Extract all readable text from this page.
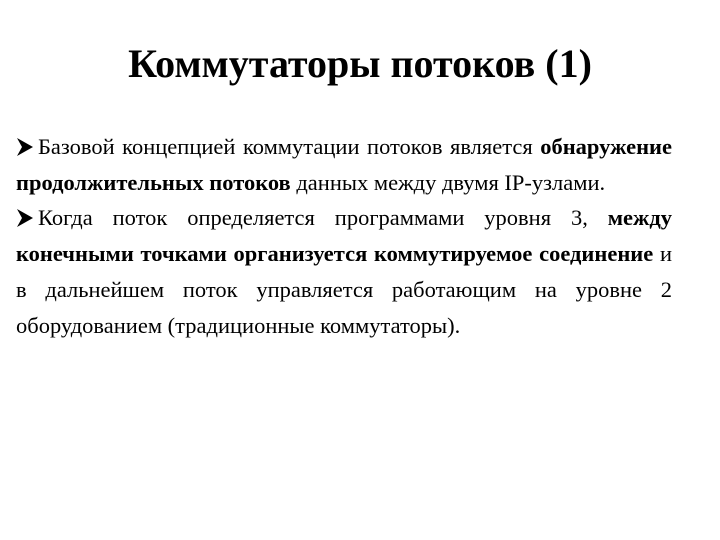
Коммутаторы потоков (1)

Базовой концепцией коммутации потоков является обнаружение продолжительных потоков данных между двумя IP-узлами.

Когда поток определяется программами уровня 3, между конечными точками организуется коммутируемое соединение и в дальнейшем поток управляется работающим на уровне 2 оборудованием (традиционные коммутаторы).
